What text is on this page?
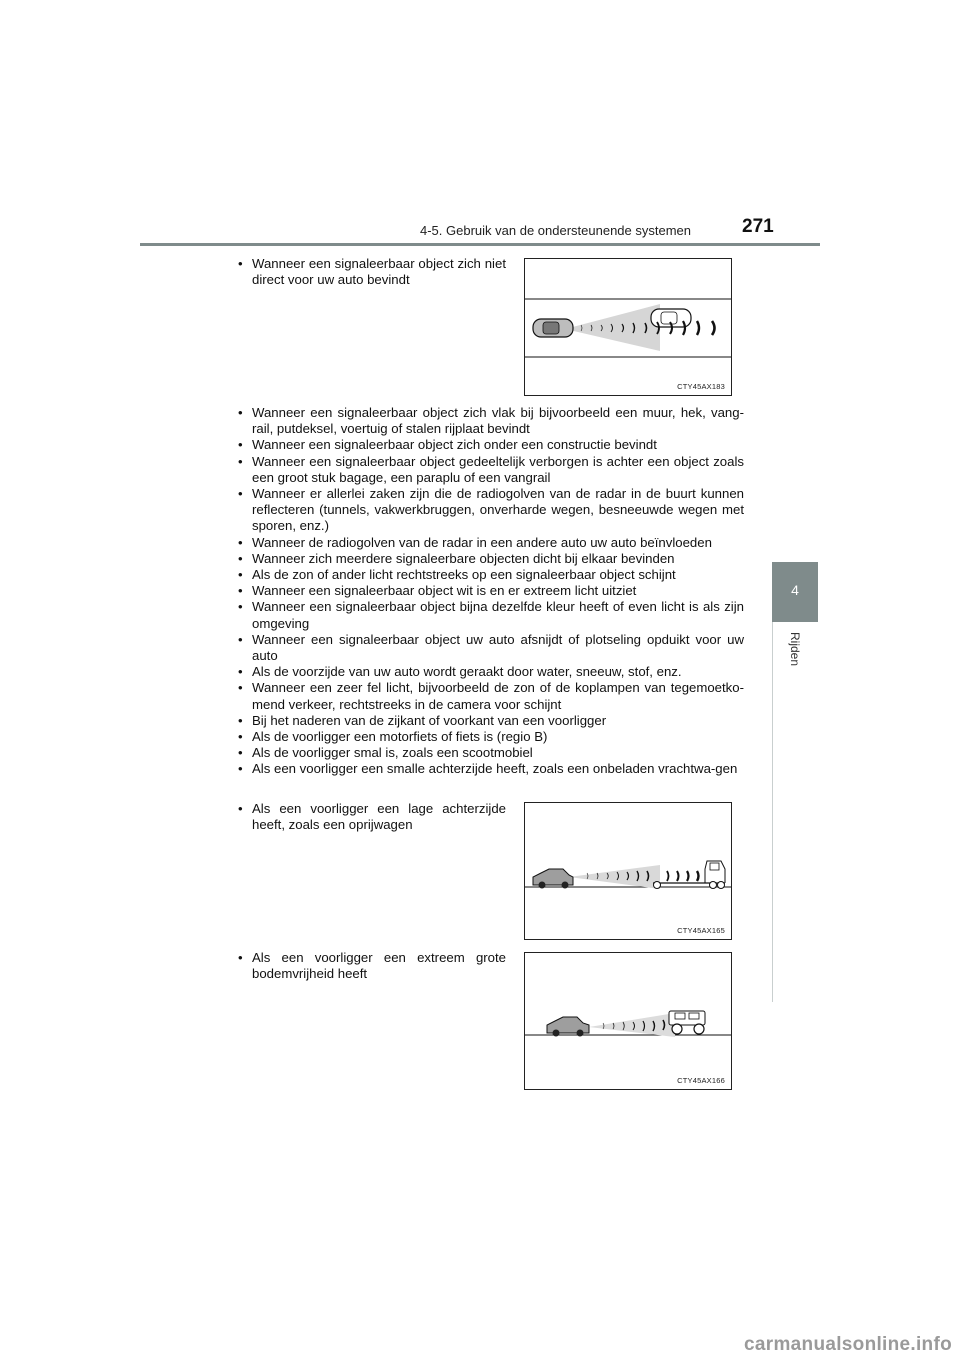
4-5. Gebruik van de ondersteunende systemen	271
4
Rijden
• Wanneer een signaleerbaar object zich niet direct voor uw auto bevindt
CTY45AX183
• Wanneer een signaleerbaar object zich vlak bij bijvoorbeeld een muur, hek, vang-rail, putdeksel, voertuig of stalen rijplaat bevindt
• Wanneer een signaleerbaar object zich onder een constructie bevindt
• Wanneer een signaleerbaar object gedeeltelijk verborgen is achter een object zoals een groot stuk bagage, een paraplu of een vangrail
• Wanneer er allerlei zaken zijn die de radiogolven van de radar in de buurt kunnen reflecteren (tunnels, vakwerkbruggen, onverharde wegen, besneeuwde wegen met sporen, enz.)
• Wanneer de radiogolven van de radar in een andere auto uw auto beïnvloeden
• Wanneer zich meerdere signaleerbare objecten dicht bij elkaar bevinden
• Als de zon of ander licht rechtstreeks op een signaleerbaar object schijnt
• Wanneer een signaleerbaar object wit is en er extreem licht uitziet
• Wanneer een signaleerbaar object bijna dezelfde kleur heeft of even licht is als zijn omgeving
• Wanneer een signaleerbaar object uw auto afsnijdt of plotseling opduikt voor uw auto
• Als de voorzijde van uw auto wordt geraakt door water, sneeuw, stof, enz.
• Wanneer een zeer fel licht, bijvoorbeeld de zon of de koplampen van tegemoetko-mend verkeer, rechtstreeks in de camera voor schijnt
• Bij het naderen van de zijkant of voorkant van een voorligger
• Als de voorligger een motorfiets of fiets is (regio B)
• Als de voorligger smal is, zoals een scootmobiel
• Als een voorligger een smalle achterzijde heeft, zoals een onbeladen vrachtwa-gen
• Als een voorligger een lage achterzijde heeft, zoals een oprijwagen
CTY45AX165
• Als een voorligger een extreem grote bodemvrijheid heeft
CTY45AX166
carmanualsonline.info
